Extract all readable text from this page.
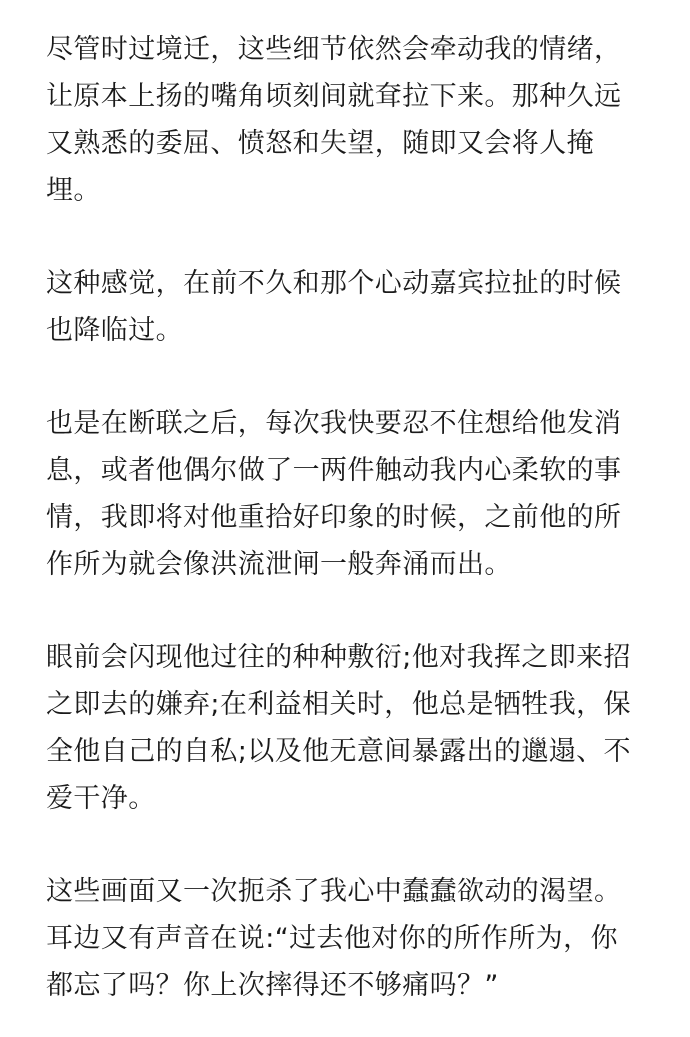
尽管时过境迁，这些细节依然会牵动我的情绪，
让原本上扬的嘴角顷刻间就耷拉下来。那种久远
又熟悉的委屈、愤怒和失望，随即又会将人掩
埋。

这种感觉，在前不久和那个心动嘉宾拉扯的时候
也降临过。

也是在断联之后，每次我快要忍不住想给他发消
息，或者他偶尔做了一两件触动我内心柔软的事
情，我即将对他重拾好印象的时候，之前他的所
作所为就会像洪流泄闸一般奔涌而出。

眼前会闪现他过往的种种敷衍;他对我挥之即来招
之即去的嫌弃;在利益相关时，他总是牺牲我，保
全他自己的自私;以及他无意间暴露出的邋遢、不
爱干净。

这些画面又一次扼杀了我心中蠢蠢欲动的渴望。
耳边又有声音在说:“过去他对你的所作所为，你
都忘了吗？你上次摔得还不够痛吗？”
